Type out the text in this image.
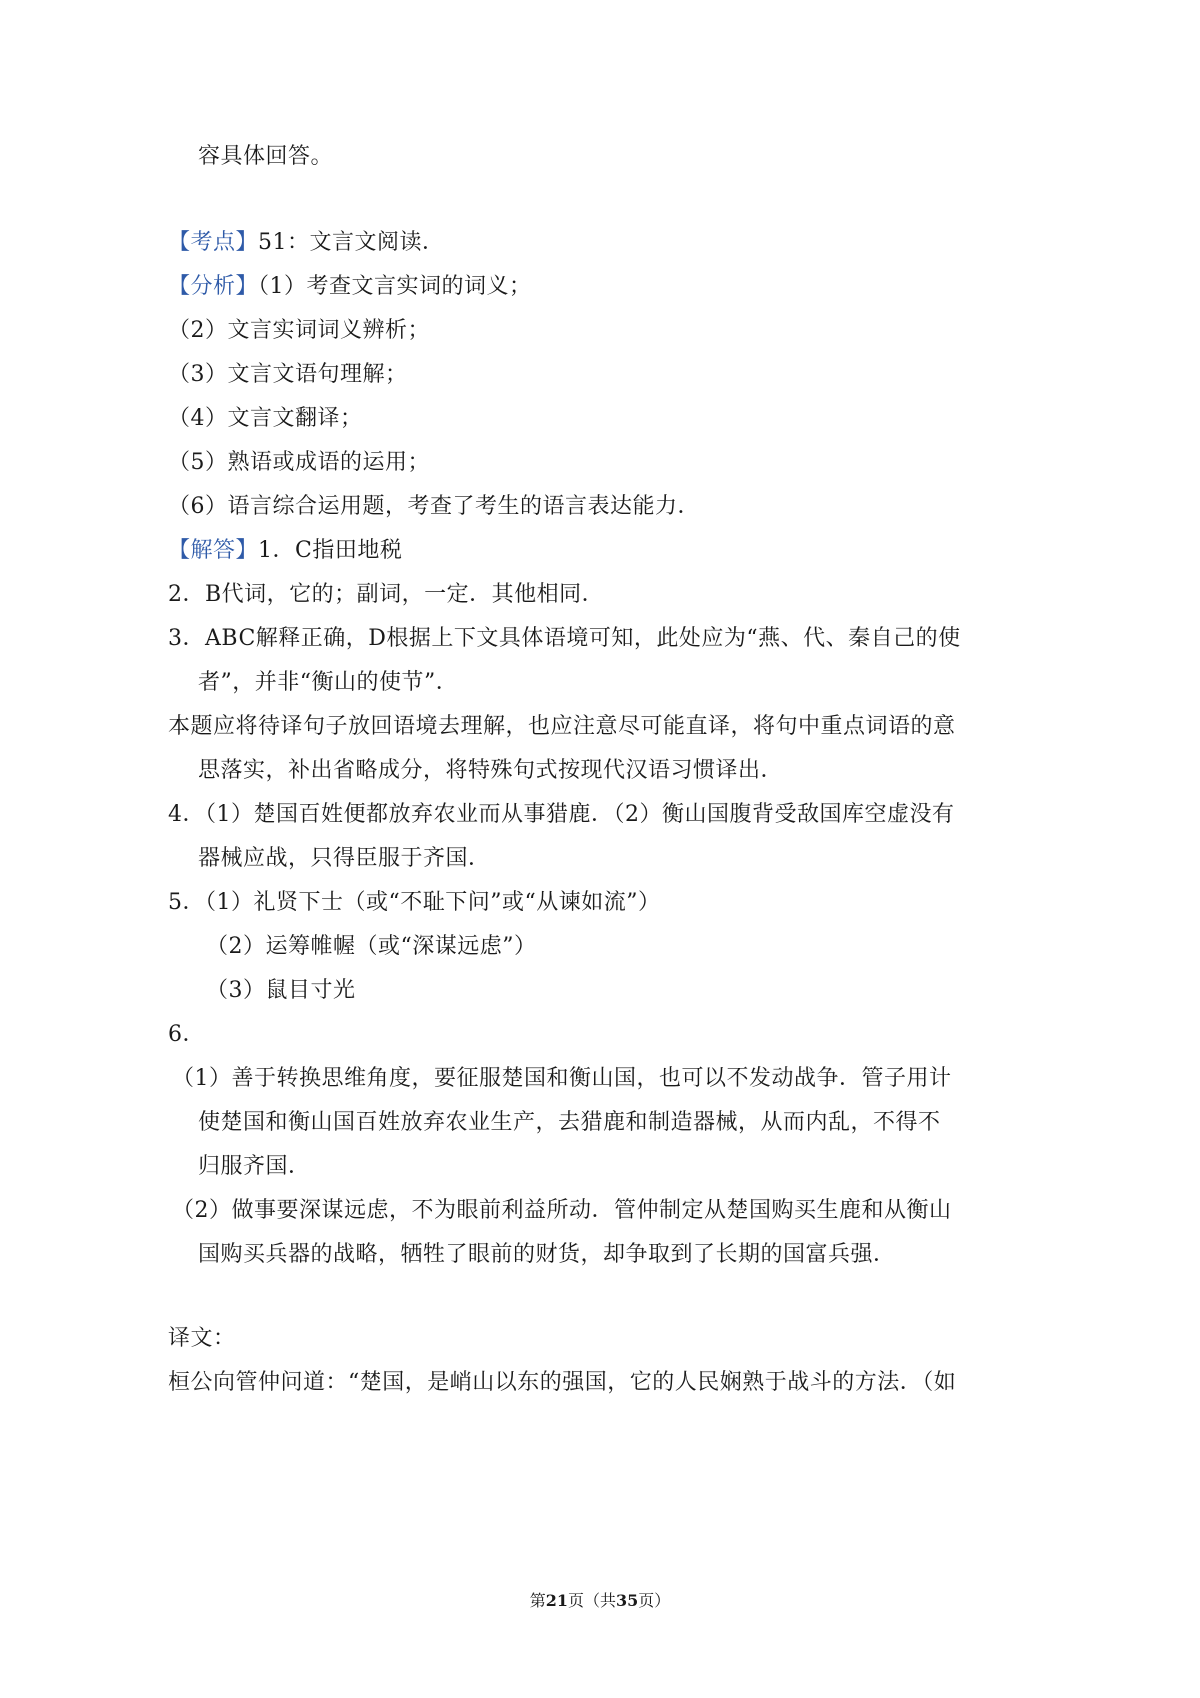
容具体回答。
【考点】51：文言文阅读．
【分析】（1）考查文言实词的词义；
（2）文言实词词义辨析；
（3）文言文语句理解；
（4）文言文翻译；
（5）熟语或成语的运用；
（6）语言综合运用题，考查了考生的语言表达能力．
【解答】1．C指田地税
2．B代词，它的；副词，一定．其他相同．
3．ABC解释正确，D根据上下文具体语境可知，此处应为“燕、代、秦自己的使
者”，并非“衡山的使节”．
本题应将待译句子放回语境去理解，也应注意尽可能直译，将句中重点词语的意
思落实，补出省略成分，将特殊句式按现代汉语习惯译出．
4．（1）楚国百姓便都放弃农业而从事猎鹿．（2）衡山国腹背受敌国库空虚没有
器械应战，只得臣服于齐国．
5．（1）礼贤下士（或“不耻下问”或“从谏如流”）
（2）运筹帷幄（或“深谋远虑”）
（3）鼠目寸光
6．
（1）善于转换思维角度，要征服楚国和衡山国，也可以不发动战争．管子用计
使楚国和衡山国百姓放弃农业生产，去猎鹿和制造器械，从而内乱，不得不
归服齐国．
（2）做事要深谋远虑，不为眼前利益所动．管仲制定从楚国购买生鹿和从衡山
国购买兵器的战略，牺牲了眼前的财货，却争取到了长期的国富兵强．
译文：
桓公向管仲问道：“楚国，是峭山以东的强国，它的人民娴熟于战斗的方法．（如
第21页（共35页）
